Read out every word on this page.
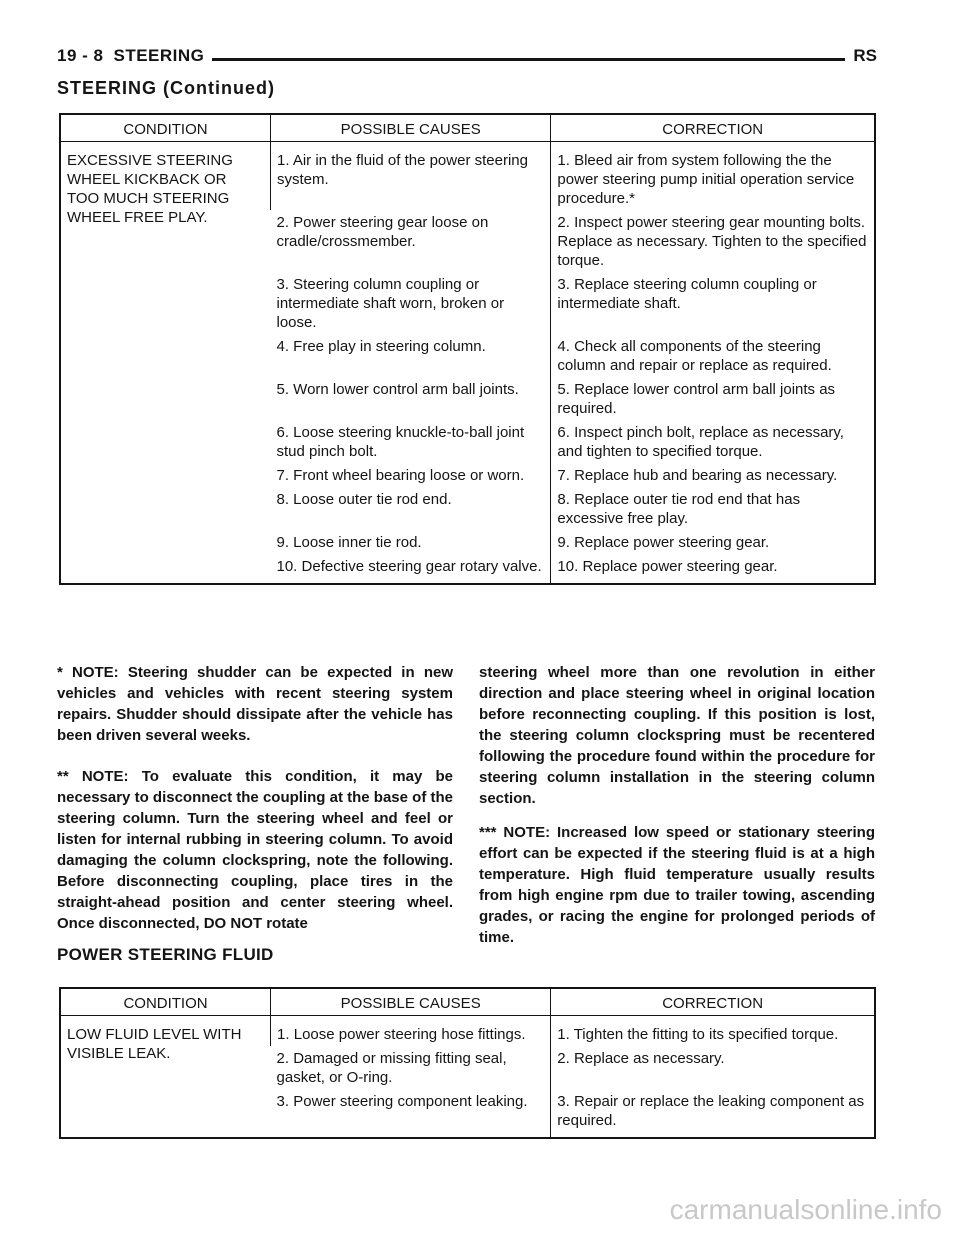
19 - 8 STEERING	RS
STEERING (Continued)
CONDITION	POSSIBLE CAUSES	CORRECTION

EXCESSIVE STEERING
WHEEL KICKBACK OR
TOO MUCH STEERING
WHEEL FREE PLAY.	1. Air in the fluid of the power steering system.	1. Bleed air from system following the the power steering pump initial operation service procedure.*
	2. Power steering gear loose on cradle/crossmember.	2. Inspect power steering gear mounting bolts. Replace as necessary. Tighten to the specified torque.
	3. Steering column coupling or intermediate shaft worn, broken or loose.	3. Replace steering column coupling or intermediate shaft.
	4. Free play in steering column.	4. Check all components of the steering column and repair or replace as required.
	5. Worn lower control arm ball joints.	5. Replace lower control arm ball joints as required.
	6. Loose steering knuckle-to-ball joint stud pinch bolt.	6. Inspect pinch bolt, replace as necessary, and tighten to specified torque.
	7. Front wheel bearing loose or worn.	7. Replace hub and bearing as necessary.
	8. Loose outer tie rod end.	8. Replace outer tie rod end that has excessive free play.
	9. Loose inner tie rod.	9. Replace power steering gear.
	10. Defective steering gear rotary valve.	10. Replace power steering gear.

* NOTE: Steering shudder can be expected in new vehicles and vehicles with recent steering system repairs. Shudder should dissipate after the vehicle has been driven several weeks.

** NOTE: To evaluate this condition, it may be necessary to disconnect the coupling at the base of the steering column. Turn the steering wheel and feel or listen for internal rubbing in steering column. To avoid damaging the column clockspring, note the following. Before disconnecting coupling, place tires in the straight-ahead position and center steering wheel. Once disconnected, DO NOT rotate

steering wheel more than one revolution in either direction and place steering wheel in original location before reconnecting coupling. If this position is lost, the steering column clockspring must be recentered following the procedure found within the procedure for steering column installation in the steering column section.

*** NOTE: Increased low speed or stationary steering effort can be expected if the steering fluid is at a high temperature. High fluid temperature usually results from high engine rpm due to trailer towing, ascending grades, or racing the engine for prolonged periods of time.

POWER STEERING FLUID
CONDITION	POSSIBLE CAUSES	CORRECTION

LOW FLUID LEVEL WITH
VISIBLE LEAK.	1. Loose power steering hose fittings.	1. Tighten the fitting to its specified torque.
	2. Damaged or missing fitting seal, gasket, or O-ring.	2. Replace as necessary.
	3. Power steering component leaking.	3. Repair or replace the leaking component as required.
carmanualsonline.info
